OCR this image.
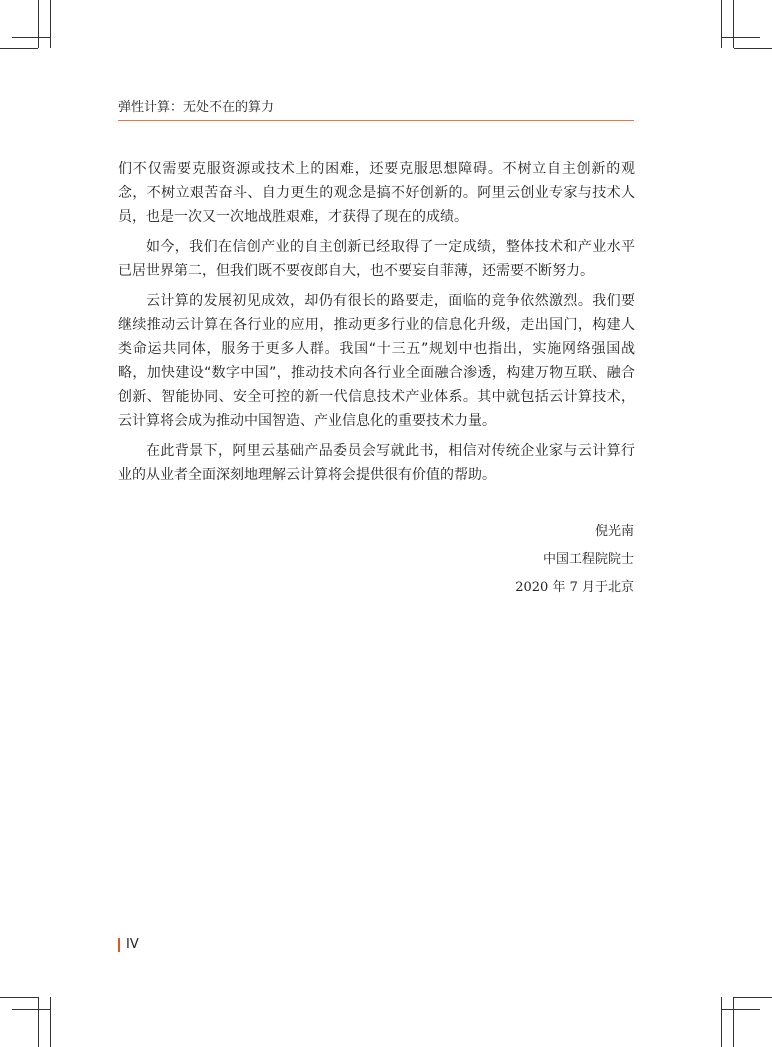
弹性计算：无处不在的算力

们不仅需要克服资源或技术上的困难，还要克服思想障碍。不树立自主创新的观念，不树立艰苦奋斗、自力更生的观念是搞不好创新的。阿里云创业专家与技术人员，也是一次又一次地战胜艰难，才获得了现在的成绩。

如今，我们在信创产业的自主创新已经取得了一定成绩，整体技术和产业水平已居世界第二，但我们既不要夜郎自大，也不要妄自菲薄，还需要不断努力。

云计算的发展初见成效，却仍有很长的路要走，面临的竞争依然激烈。我们要继续推动云计算在各行业的应用，推动更多行业的信息化升级，走出国门，构建人类命运共同体，服务于更多人群。我国“十三五”规划中也指出，实施网络强国战略，加快建设“数字中国”，推动技术向各行业全面融合渗透，构建万物互联、融合创新、智能协同、安全可控的新一代信息技术产业体系。其中就包括云计算技术，云计算将会成为推动中国智造、产业信息化的重要技术力量。

在此背景下，阿里云基础产品委员会写就此书，相信对传统企业家与云计算行业的从业者全面深刻地理解云计算将会提供很有价值的帮助。

倪光南
中国工程院院士
2020 年 7 月于北京
IV
